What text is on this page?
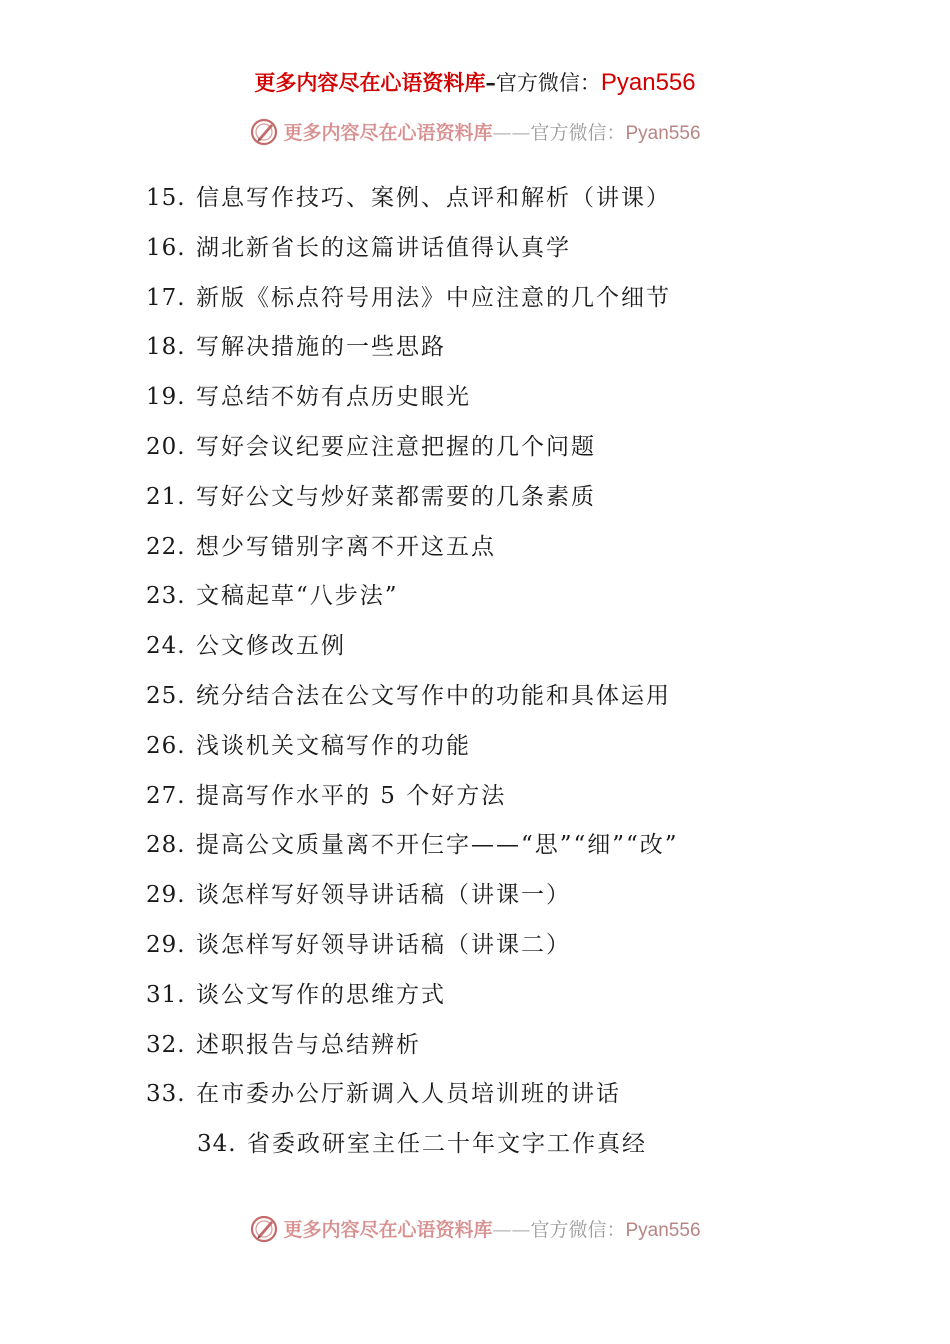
更多内容尽在心语资料库–官方微信：Pyan556
更多内容尽在心语资料库——官方微信：Pyan556
15. 信息写作技巧、案例、点评和解析（讲课）
16. 湖北新省长的这篇讲话值得认真学
17. 新版《标点符号用法》中应注意的几个细节
18. 写解决措施的一些思路
19. 写总结不妨有点历史眼光
20. 写好会议纪要应注意把握的几个问题
21. 写好公文与炒好菜都需要的几条素质
22. 想少写错别字离不开这五点
23. 文稿起草“八步法”
24. 公文修改五例
25. 统分结合法在公文写作中的功能和具体运用
26. 浅谈机关文稿写作的功能
27. 提高写作水平的 5 个好方法
28. 提高公文质量离不开仨字——“思”“细”“改”
29. 谈怎样写好领导讲话稿（讲课一）
29. 谈怎样写好领导讲话稿（讲课二）
31. 谈公文写作的思维方式
32. 述职报告与总结辨析
33. 在市委办公厅新调入人员培训班的讲话
34. 省委政研室主任二十年文字工作真经
更多内容尽在心语资料库——官方微信：Pyan556
